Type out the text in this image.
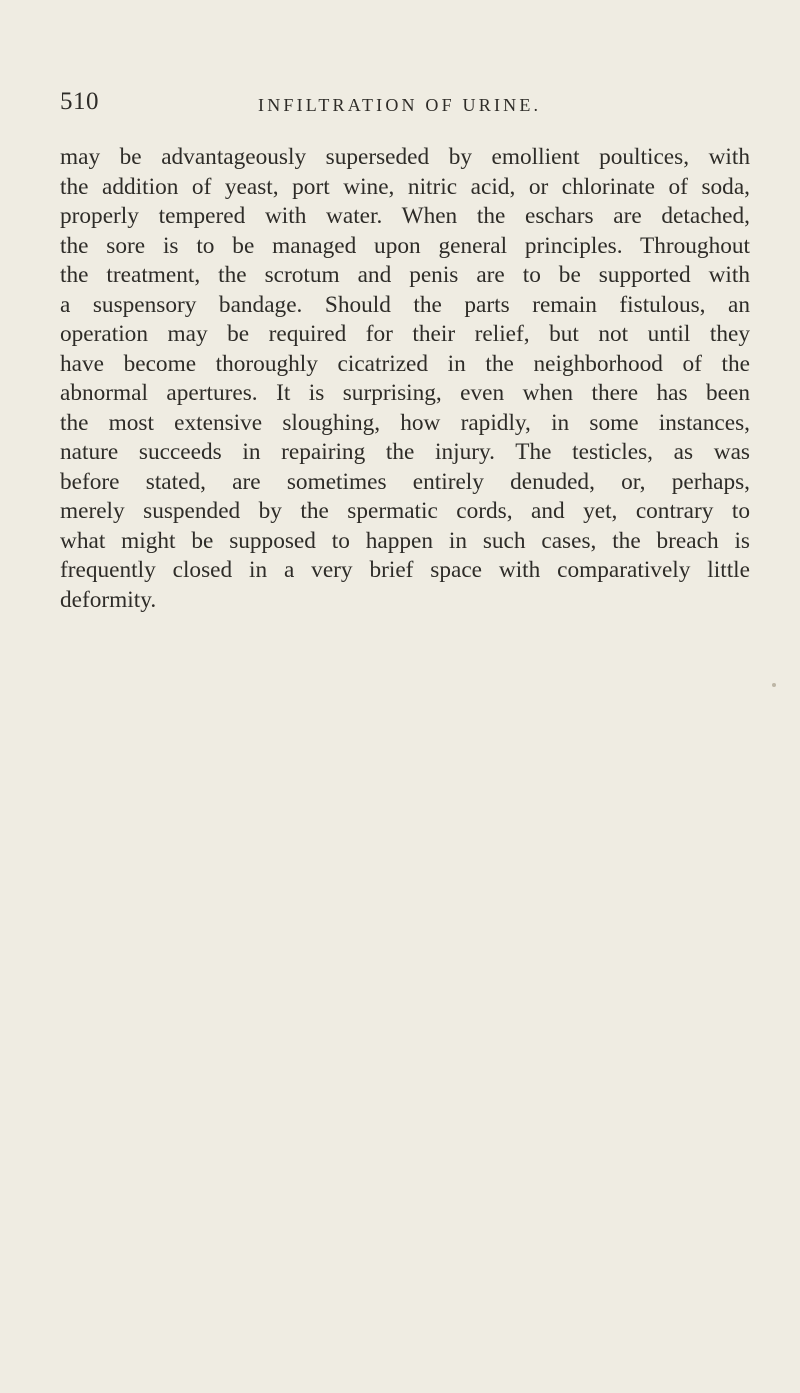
510	INFILTRATION OF URINE.
may be advantageously superseded by emollient poultices, with
the addition of yeast, port wine, nitric acid, or chlorinate of soda,
properly tempered with water. When the eschars are detached,
the sore is to be managed upon general principles. Throughout
the treatment, the scrotum and penis are to be supported with
a suspensory bandage. Should the parts remain fistulous, an
operation may be required for their relief, but not until they
have become thoroughly cicatrized in the neighborhood of the
abnormal apertures. It is surprising, even when there has been
the most extensive sloughing, how rapidly, in some instances,
nature succeeds in repairing the injury. The testicles, as was
before stated, are sometimes entirely denuded, or, perhaps,
merely suspended by the spermatic cords, and yet, contrary to
what might be supposed to happen in such cases, the breach is
frequently closed in a very brief space with comparatively little
deformity.
